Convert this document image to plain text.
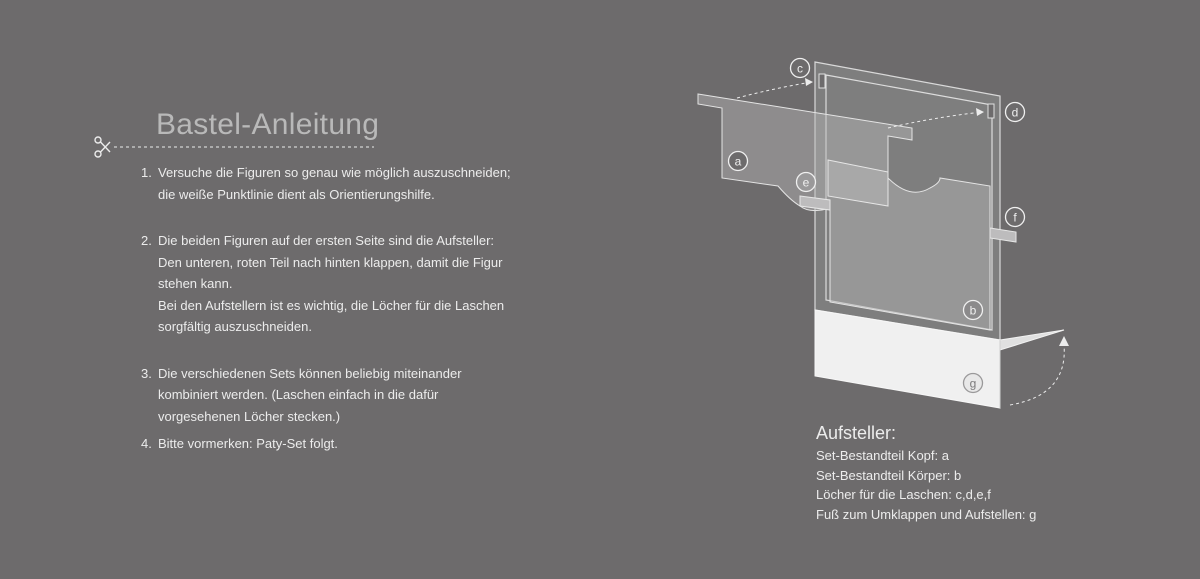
Bastel-Anleitung
1. Versuche die Figuren so genau wie möglich auszuschneiden;
die weiße Punktlinie dient als Orientierungshilfe.
2. Die beiden Figuren auf der ersten Seite sind die Aufsteller:
Den unteren, roten Teil nach hinten klappen, damit die Figur
stehen kann.
Bei den Aufstellern ist es wichtig, die Löcher für die Laschen
sorgfältig auszuschneiden.
3. Die verschiedenen Sets können beliebig miteinander
kombiniert werden. (Laschen einfach in die dafür
vorgesehenen Löcher stecken.)
4. Bitte vormerken: Paty-Set folgt.
a
b
c
d
e
f
g
Aufsteller:
Set-Bestandteil Kopf: a
Set-Bestandteil Körper: b
Löcher für die Laschen: c,d,e,f
Fuß zum Umklappen und Aufstellen: g
